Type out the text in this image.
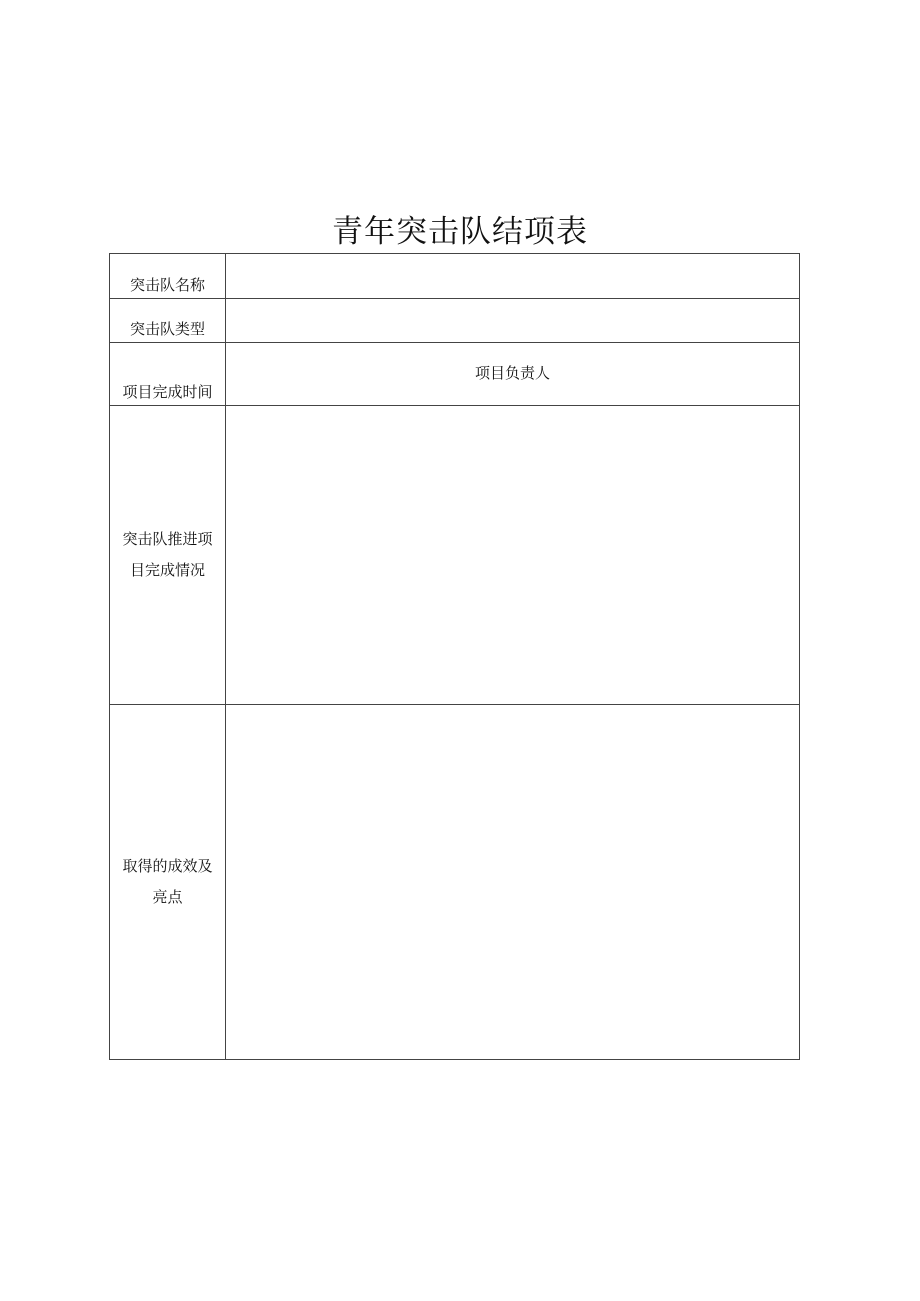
青年突击队结项表
突击队名称
突击队类型
项目完成时间
项目负责人
突击队推进项目完成情况
取得的成效及亮点
